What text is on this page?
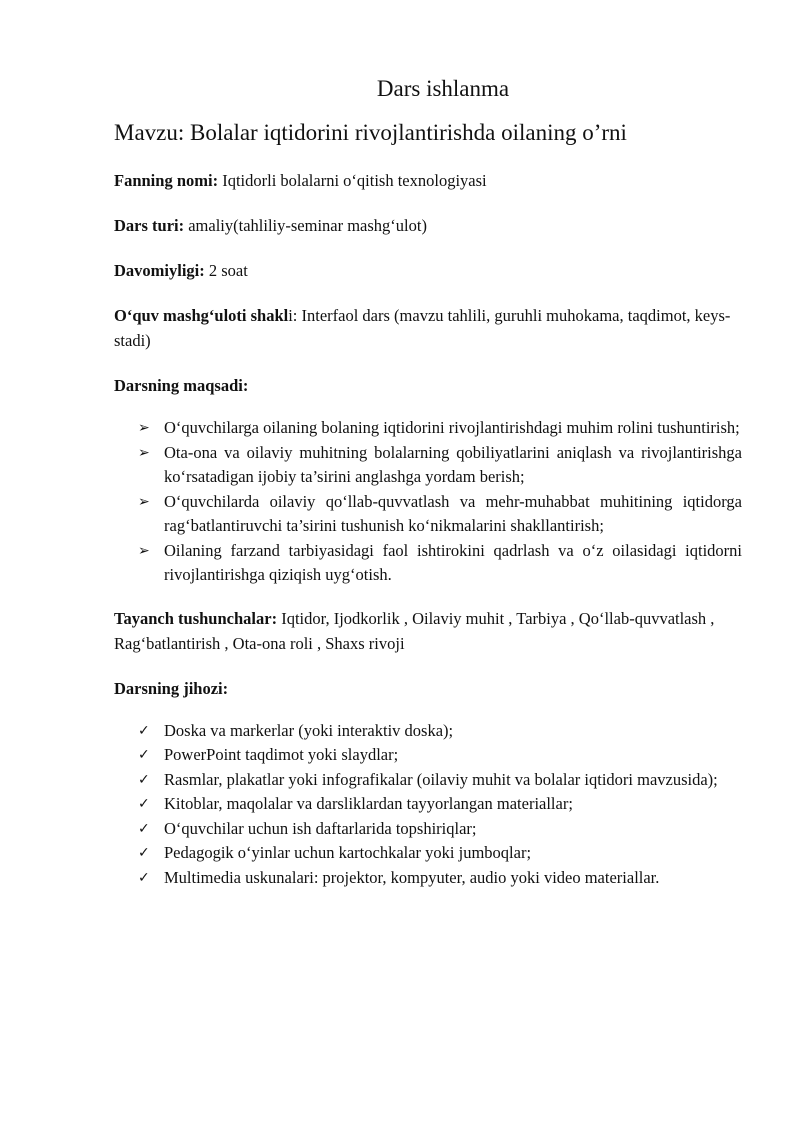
Dars ishlanma
Mavzu: Bolalar iqtidorini rivojlantirishda oilaning o’rni
Fanning nomi: Iqtidorli bolalarni o‘qitish texnologiyasi
Dars turi: amaliy(tahliliy-seminar mashg‘ulot)
Davomiyligi: 2 soat
O‘quv mashg‘uloti shakli: Interfaol dars (mavzu tahlili, guruhli muhokama, taqdimot, keys-stadi)
Darsning maqsadi:
➢ O‘quvchilarga oilaning bolaning iqtidorini rivojlantirishdagi muhim rolini tushuntirish;
➢ Ota-ona va oilaviy muhitning bolalarning qobiliyatlarini aniqlash va rivojlantirishga ko‘rsatadigan ijobiy ta’sirini anglashga yordam berish;
➢ O‘quvchilarda oilaviy qo‘llab-quvvatlash va mehr-muhabbat muhitining iqtidorga rag‘batlantiruvchi ta’sirini tushunish ko‘nikmalarini shakllantirish;
➢ Oilaning farzand tarbiyasidagi faol ishtirokini qadrlash va o‘z oilasidagi iqtidorni rivojlantirishga qiziqish uyg‘otish.
Tayanch tushunchalar: Iqtidor, Ijodkorlik , Oilaviy muhit , Tarbiya , Qo‘llab-quvvatlash , Rag‘batlantirish , Ota-ona roli , Shaxs rivoji
Darsning jihozi:
✓ Doska va markerlar (yoki interaktiv doska);
✓ PowerPoint taqdimot yoki slaydlar;
✓ Rasmlar, plakatlar yoki infografikalar (oilaviy muhit va bolalar iqtidori mavzusida);
✓ Kitoblar, maqolalar va darsliklardan tayyorlangan materiallar;
✓ O‘quvchilar uchun ish daftarlarida topshiriqlar;
✓ Pedagogik o‘yinlar uchun kartochkalar yoki jumboqlar;
✓ Multimedia uskunalari: projektor, kompyuter, audio yoki video materiallar.
